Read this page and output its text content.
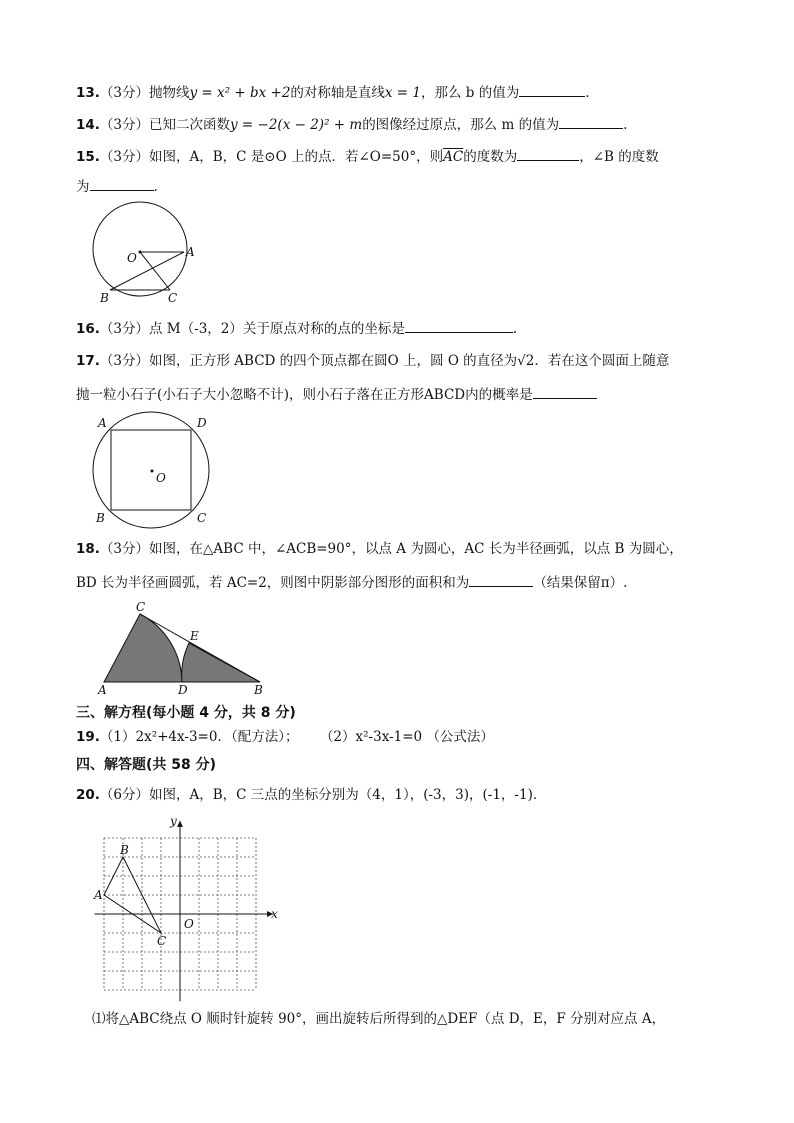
13.（3分）抛物线y = x² + bx +2的对称轴是直线x = 1，那么 b 的值为	.
14.（3分）已知二次函数y = −2(x − 2)² + m的图像经过原点，那么 m 的值为	.
15.（3分）如图，A，B，C 是⊙O 上的点．若∠O=50°，则$\overline{AC}$的度数为	，∠B 的度数
为	.
O	A
B	C
16.（3分）点 M（-3，2）关于原点对称的点的坐标是	.
17.（3分）如图，正方形 ABCD 的四个顶点都在圆O 上，圆 O 的直径为√2．若在这个圆面上随意
抛一粒小石子(小石子大小忽略不计)，则小石子落在正方形ABCD内的概率是
O
A	D
B	C
18.（3分）如图，在△ABC 中，∠ACB=90°，以点 A 为圆心，AC 长为半径画弧，以点 B 为圆心，
BD 长为半径画圆弧，若 AC=2，则图中阴影部分图形的面积和为	（结果保留π）.
C
E
A	D	B
三、解方程(每小题 4 分，共 8 分)
19.（1）2x²+4x-3=0．（配方法）； （2）x²-3x-1=0 （公式法）
四、解答题(共 58 分)
20.（6分）如图，A，B，C 三点的坐标分别为（4，1），(-3，3)，(-1，-1)．
A
B
C
O
x
y
⑴将△ABC绕点 O 顺时针旋转 90°，画出旋转后所得到的△DEF（点 D，E，F 分别对应点 A，
